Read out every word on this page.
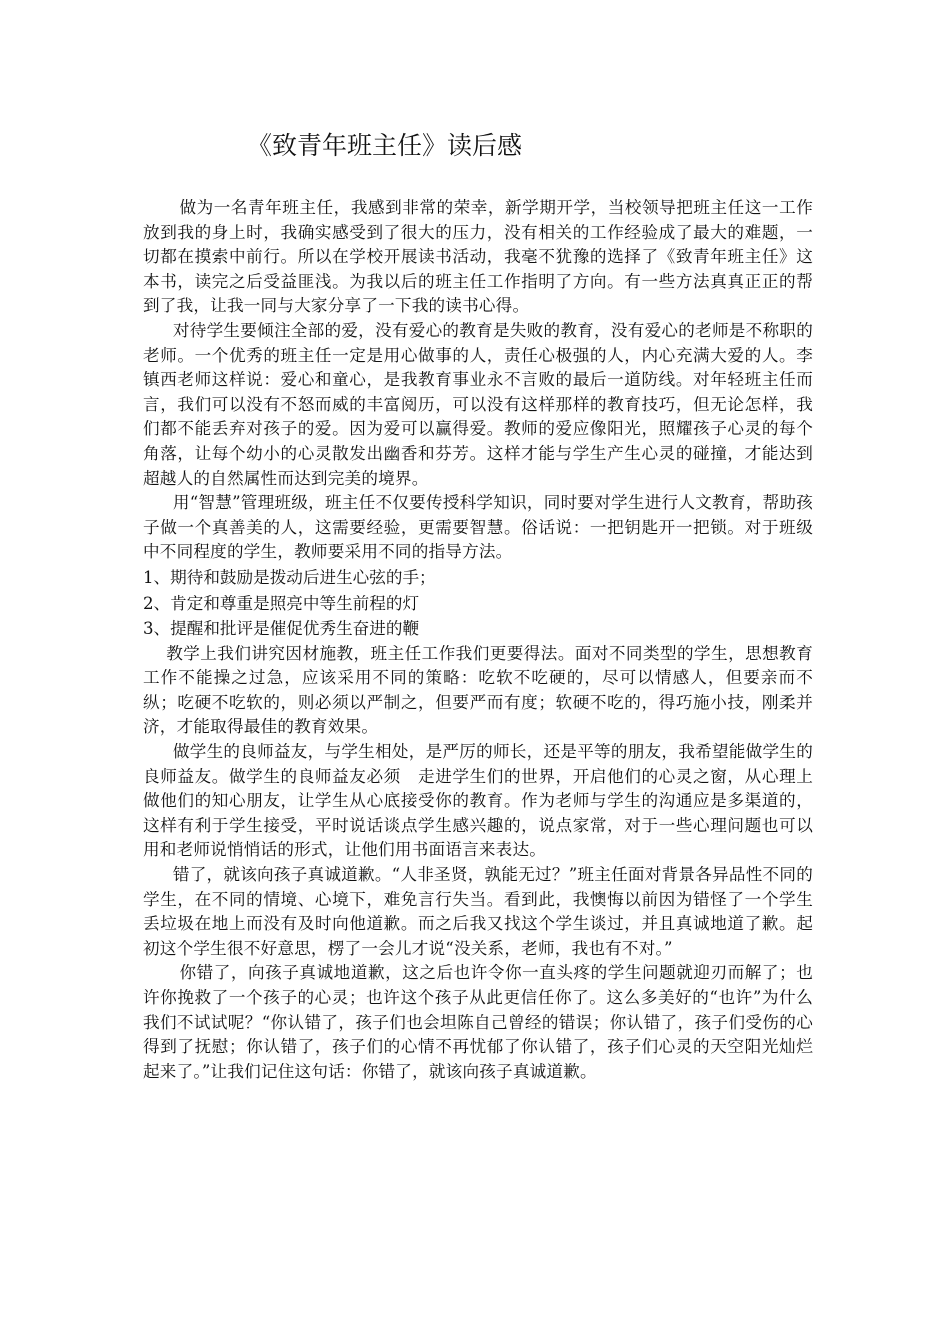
《致青年班主任》读后感

做为一名青年班主任，我感到非常的荣幸，新学期开学，当校领导把班主任这一工作放到我的身上时，我确实感受到了很大的压力，没有相关的工作经验成了最大的难题，一切都在摸索中前行。所以在学校开展读书活动，我毫不犹豫的选择了《致青年班主任》这本书，读完之后受益匪浅。为我以后的班主任工作指明了方向。有一些方法真真正正的帮到了我，让我一同与大家分享了一下我的读书心得。

对待学生要倾注全部的爱，没有爱心的教育是失败的教育，没有爱心的老师是不称职的老师。一个优秀的班主任一定是用心做事的人，责任心极强的人，内心充满大爱的人。李镇西老师这样说：爱心和童心，是我教育事业永不言败的最后一道防线。对年轻班主任而言，我们可以没有不怒而威的丰富阅历，可以没有这样那样的教育技巧，但无论怎样，我们都不能丢弃对孩子的爱。因为爱可以赢得爱。教师的爱应像阳光，照耀孩子心灵的每个角落，让每个幼小的心灵散发出幽香和芬芳。这样才能与学生产生心灵的碰撞，才能达到超越人的自然属性而达到完美的境界。

用“智慧”管理班级，班主任不仅要传授科学知识，同时要对学生进行人文教育，帮助孩子做一个真善美的人，这需要经验，更需要智慧。俗话说：一把钥匙开一把锁。对于班级中不同程度的学生，教师要采用不同的指导方法。

1、期待和鼓励是拨动后进生心弦的手；

2、肯定和尊重是照亮中等生前程的灯

3、提醒和批评是催促优秀生奋进的鞭

教学上我们讲究因材施教，班主任工作我们更要得法。面对不同类型的学生，思想教育工作不能操之过急，应该采用不同的策略：吃软不吃硬的，尽可以情感人，但要亲而不纵；吃硬不吃软的，则必须以严制之，但要严而有度；软硬不吃的，得巧施小技，刚柔并济，才能取得最佳的教育效果。

做学生的良师益友，与学生相处，是严厉的师长，还是平等的朋友，我希望能做学生的良师益友。做学生的良师益友必须　走进学生们的世界，开启他们的心灵之窗，从心理上做他们的知心朋友，让学生从心底接受你的教育。作为老师与学生的沟通应是多渠道的，这样有利于学生接受，平时说话谈点学生感兴趣的，说点家常，对于一些心理问题也可以用和老师说悄悄话的形式，让他们用书面语言来表达。

错了，就该向孩子真诚道歉。“人非圣贤，孰能无过？”班主任面对背景各异品性不同的学生，在不同的情境、心境下，难免言行失当。看到此，我懊悔以前因为错怪了一个学生丢垃圾在地上而没有及时向他道歉。而之后我又找这个学生谈过，并且真诚地道了歉。起初这个学生很不好意思，楞了一会儿才说“没关系，老师，我也有不对。”

你错了，向孩子真诚地道歉，这之后也许令你一直头疼的学生问题就迎刃而解了；也许你挽救了一个孩子的心灵；也许这个孩子从此更信任你了。这么多美好的“也许”为什么我们不试试呢？“你认错了，孩子们也会坦陈自己曾经的错误；你认错了，孩子们受伤的心得到了抚慰；你认错了，孩子们的心情不再忧郁了你认错了，孩子们心灵的天空阳光灿烂起来了。”让我们记住这句话：你错了，就该向孩子真诚道歉。
